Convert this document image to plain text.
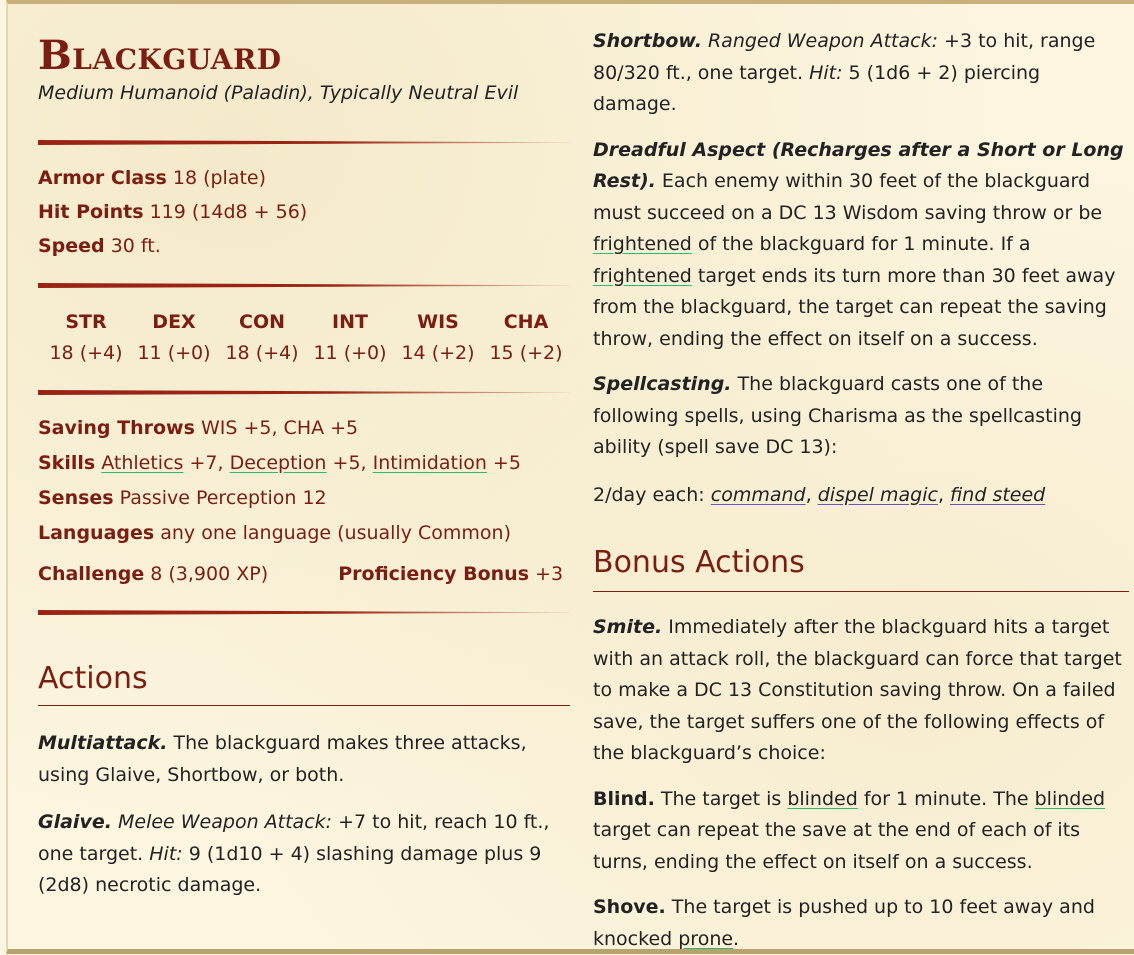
Blackguard

Medium Humanoid (Paladin), Typically Neutral Evil

Armor Class 18 (plate)
Hit Points 119 (14d8 + 56)
Speed 30 ft.
STR
18 (+4)
DEX
11 (+0)
CON
18 (+4)
INT
11 (+0)
WIS
14 (+2)
CHA
15 (+2)
Saving Throws WIS +5, CHA +5
Skills Athletics +7, Deception +5, Intimidation +5
Senses Passive Perception 12
Languages any one language (usually Common)
Challenge 8 (3,900 XP)	Proficiency Bonus +3
Actions

Multiattack. The blackguard makes three attacks, using Glaive, Shortbow, or both.

Glaive. Melee Weapon Attack: +7 to hit, reach 10 ft., one target. Hit: 9 (1d10 + 4) slashing damage plus 9 (2d8) necrotic damage.

Shortbow. Ranged Weapon Attack: +3 to hit, range 80/320 ft., one target. Hit: 5 (1d6 + 2) piercing damage.

Dreadful Aspect (Recharges after a Short or Long Rest). Each enemy within 30 feet of the blackguard must succeed on a DC 13 Wisdom saving throw or be frightened of the blackguard for 1 minute. If a frightened target ends its turn more than 30 feet away from the blackguard, the target can repeat the saving throw, ending the effect on itself on a success.

Spellcasting. The blackguard casts one of the following spells, using Charisma as the spellcasting ability (spell save DC 13):

2/day each: command, dispel magic, find steed

Bonus Actions

Smite. Immediately after the blackguard hits a target with an attack roll, the blackguard can force that target to make a DC 13 Constitution saving throw. On a failed save, the target suffers one of the following effects of the blackguard’s choice:

Blind. The target is blinded for 1 minute. The blinded target can repeat the save at the end of each of its turns, ending the effect on itself on a success.

Shove. The target is pushed up to 10 feet away and knocked prone.
